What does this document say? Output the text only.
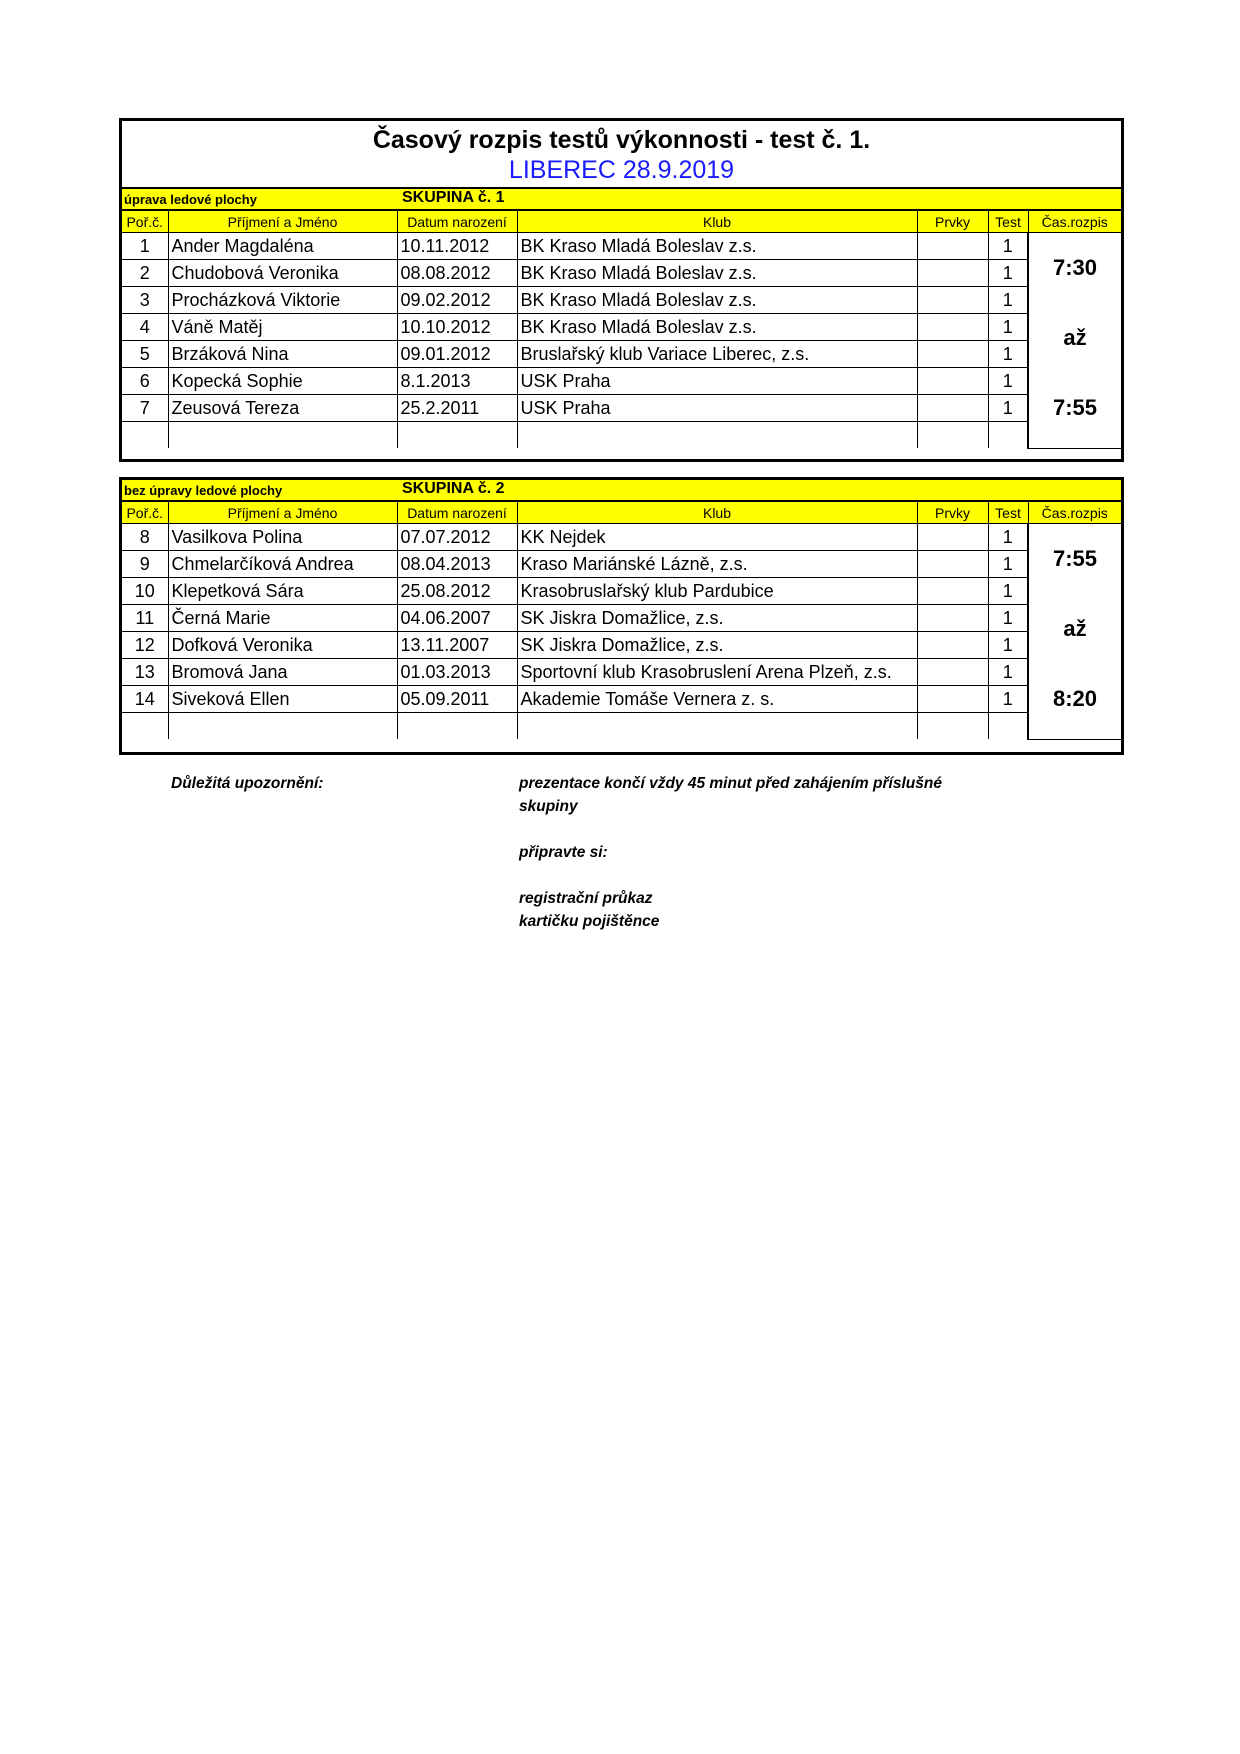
Časový rozpis testů výkonnosti - test č. 1.
LIBEREC 28.9.2019
úprava ledové plochy	SKUPINA č. 1
Poř.č.	Příjmení a Jméno	Datum narození	Klub	Prvky	Test	Čas.rozpis
1	Ander Magdaléna	10.11.2012	BK Kraso Mladá Boleslav z.s.		1	7:30
až
7:55

2	Chudobová Veronika	08.08.2012	BK Kraso Mladá Boleslav z.s.		1	
3	Procházková Viktorie	09.02.2012	BK Kraso Mladá Boleslav z.s.		1	
4	Váně Matěj	10.10.2012	BK Kraso Mladá Boleslav z.s.		1	
5	Brzáková Nina	09.01.2012	Bruslařský klub Variace Liberec, z.s.		1	
6	Kopecká Sophie	8.1.2013	USK Praha		1	
7	Zeusová Tereza	25.2.2011	USK Praha		1	

bez úpravy ledové plochy	SKUPINA č. 2
Poř.č.	Příjmení a Jméno	Datum narození	Klub	Prvky	Test	Čas.rozpis
8	Vasilkova Polina	07.07.2012	KK Nejdek		1	7:55
až
8:20

9	Chmelarčíková Andrea	08.04.2013	Kraso Mariánské Lázně, z.s.		1	
10	Klepetková Sára	25.08.2012	Krasobruslařský klub Pardubice		1	
11	Černá Marie	04.06.2007	SK Jiskra Domažlice, z.s.		1	
12	Dofková Veronika	13.11.2007	SK Jiskra Domažlice, z.s.		1	
13	Bromová Jana	01.03.2013	Sportovní klub Krasobruslení Arena Plzeň, z.s.		1	
14	Siveková Ellen	05.09.2011	Akademie Tomáše Vernera z. s.		1	

Důležitá upozornění:	prezentace končí vždy 45 minut před zahájením příslušné
skupiny
připravte si:
registrační průkaz
kartičku pojištěnce
